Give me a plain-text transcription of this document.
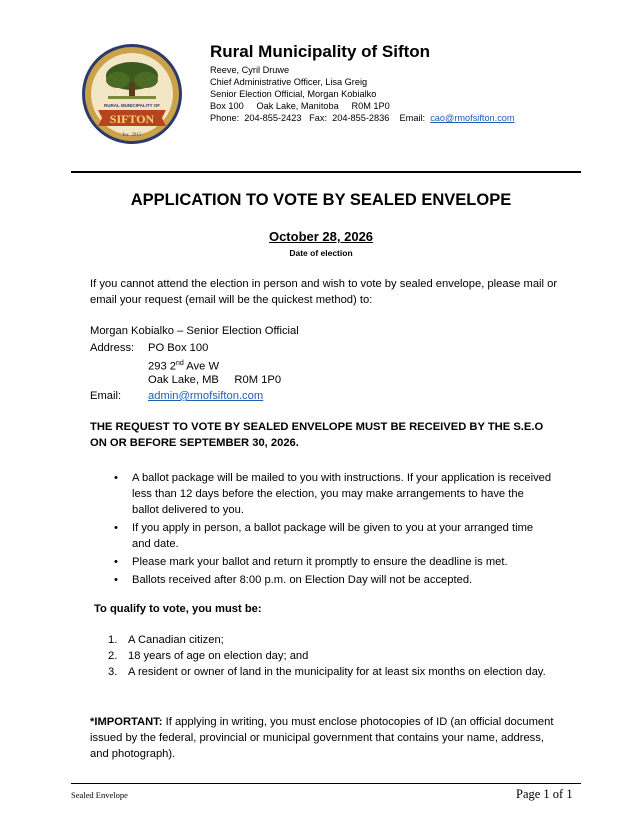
RURAL MUNICIPALITY OF
SIFTON
Inc. 2015
Rural Municipality of Sifton
Reeve, Cyril Druwe
Chief Administrative Officer, Lisa Greig
Senior Election Official, Morgan Kobialko
Box 100     Oak Lake, Manitoba     R0M 1P0
Phone: 204-855-2423 Fax: 204-855-2836 Email: cao@rmofsifton.com
APPLICATION TO VOTE BY SEALED ENVELOPE
October 28, 2026
Date of election
If you cannot attend the election in person and wish to vote by sealed envelope, please mail or email your request (email will be the quickest method) to:
Morgan Kobialko – Senior Election Official
Address: PO Box 100
293 2nd Ave W
Oak Lake, MB     R0M 1P0
Email: admin@rmofsifton.com
THE REQUEST TO VOTE BY SEALED ENVELOPE MUST BE RECEIVED BY THE S.E.O ON OR BEFORE SEPTEMBER 30, 2026.
• A ballot package will be mailed to you with instructions. If your application is received less than 12 days before the election, you may make arrangements to have the ballot delivered to you.
• If you apply in person, a ballot package will be given to you at your arranged time and date.
• Please mark your ballot and return it promptly to ensure the deadline is met.
• Ballots received after 8:00 p.m. on Election Day will not be accepted.
To qualify to vote, you must be:
1. A Canadian citizen;
2. 18 years of age on election day; and
3. A resident or owner of land in the municipality for at least six months on election day.
*IMPORTANT: If applying in writing, you must enclose photocopies of ID (an official document issued by the federal, provincial or municipal government that contains your name, address, and photograph).
Sealed Envelope	Page 1 of 1
